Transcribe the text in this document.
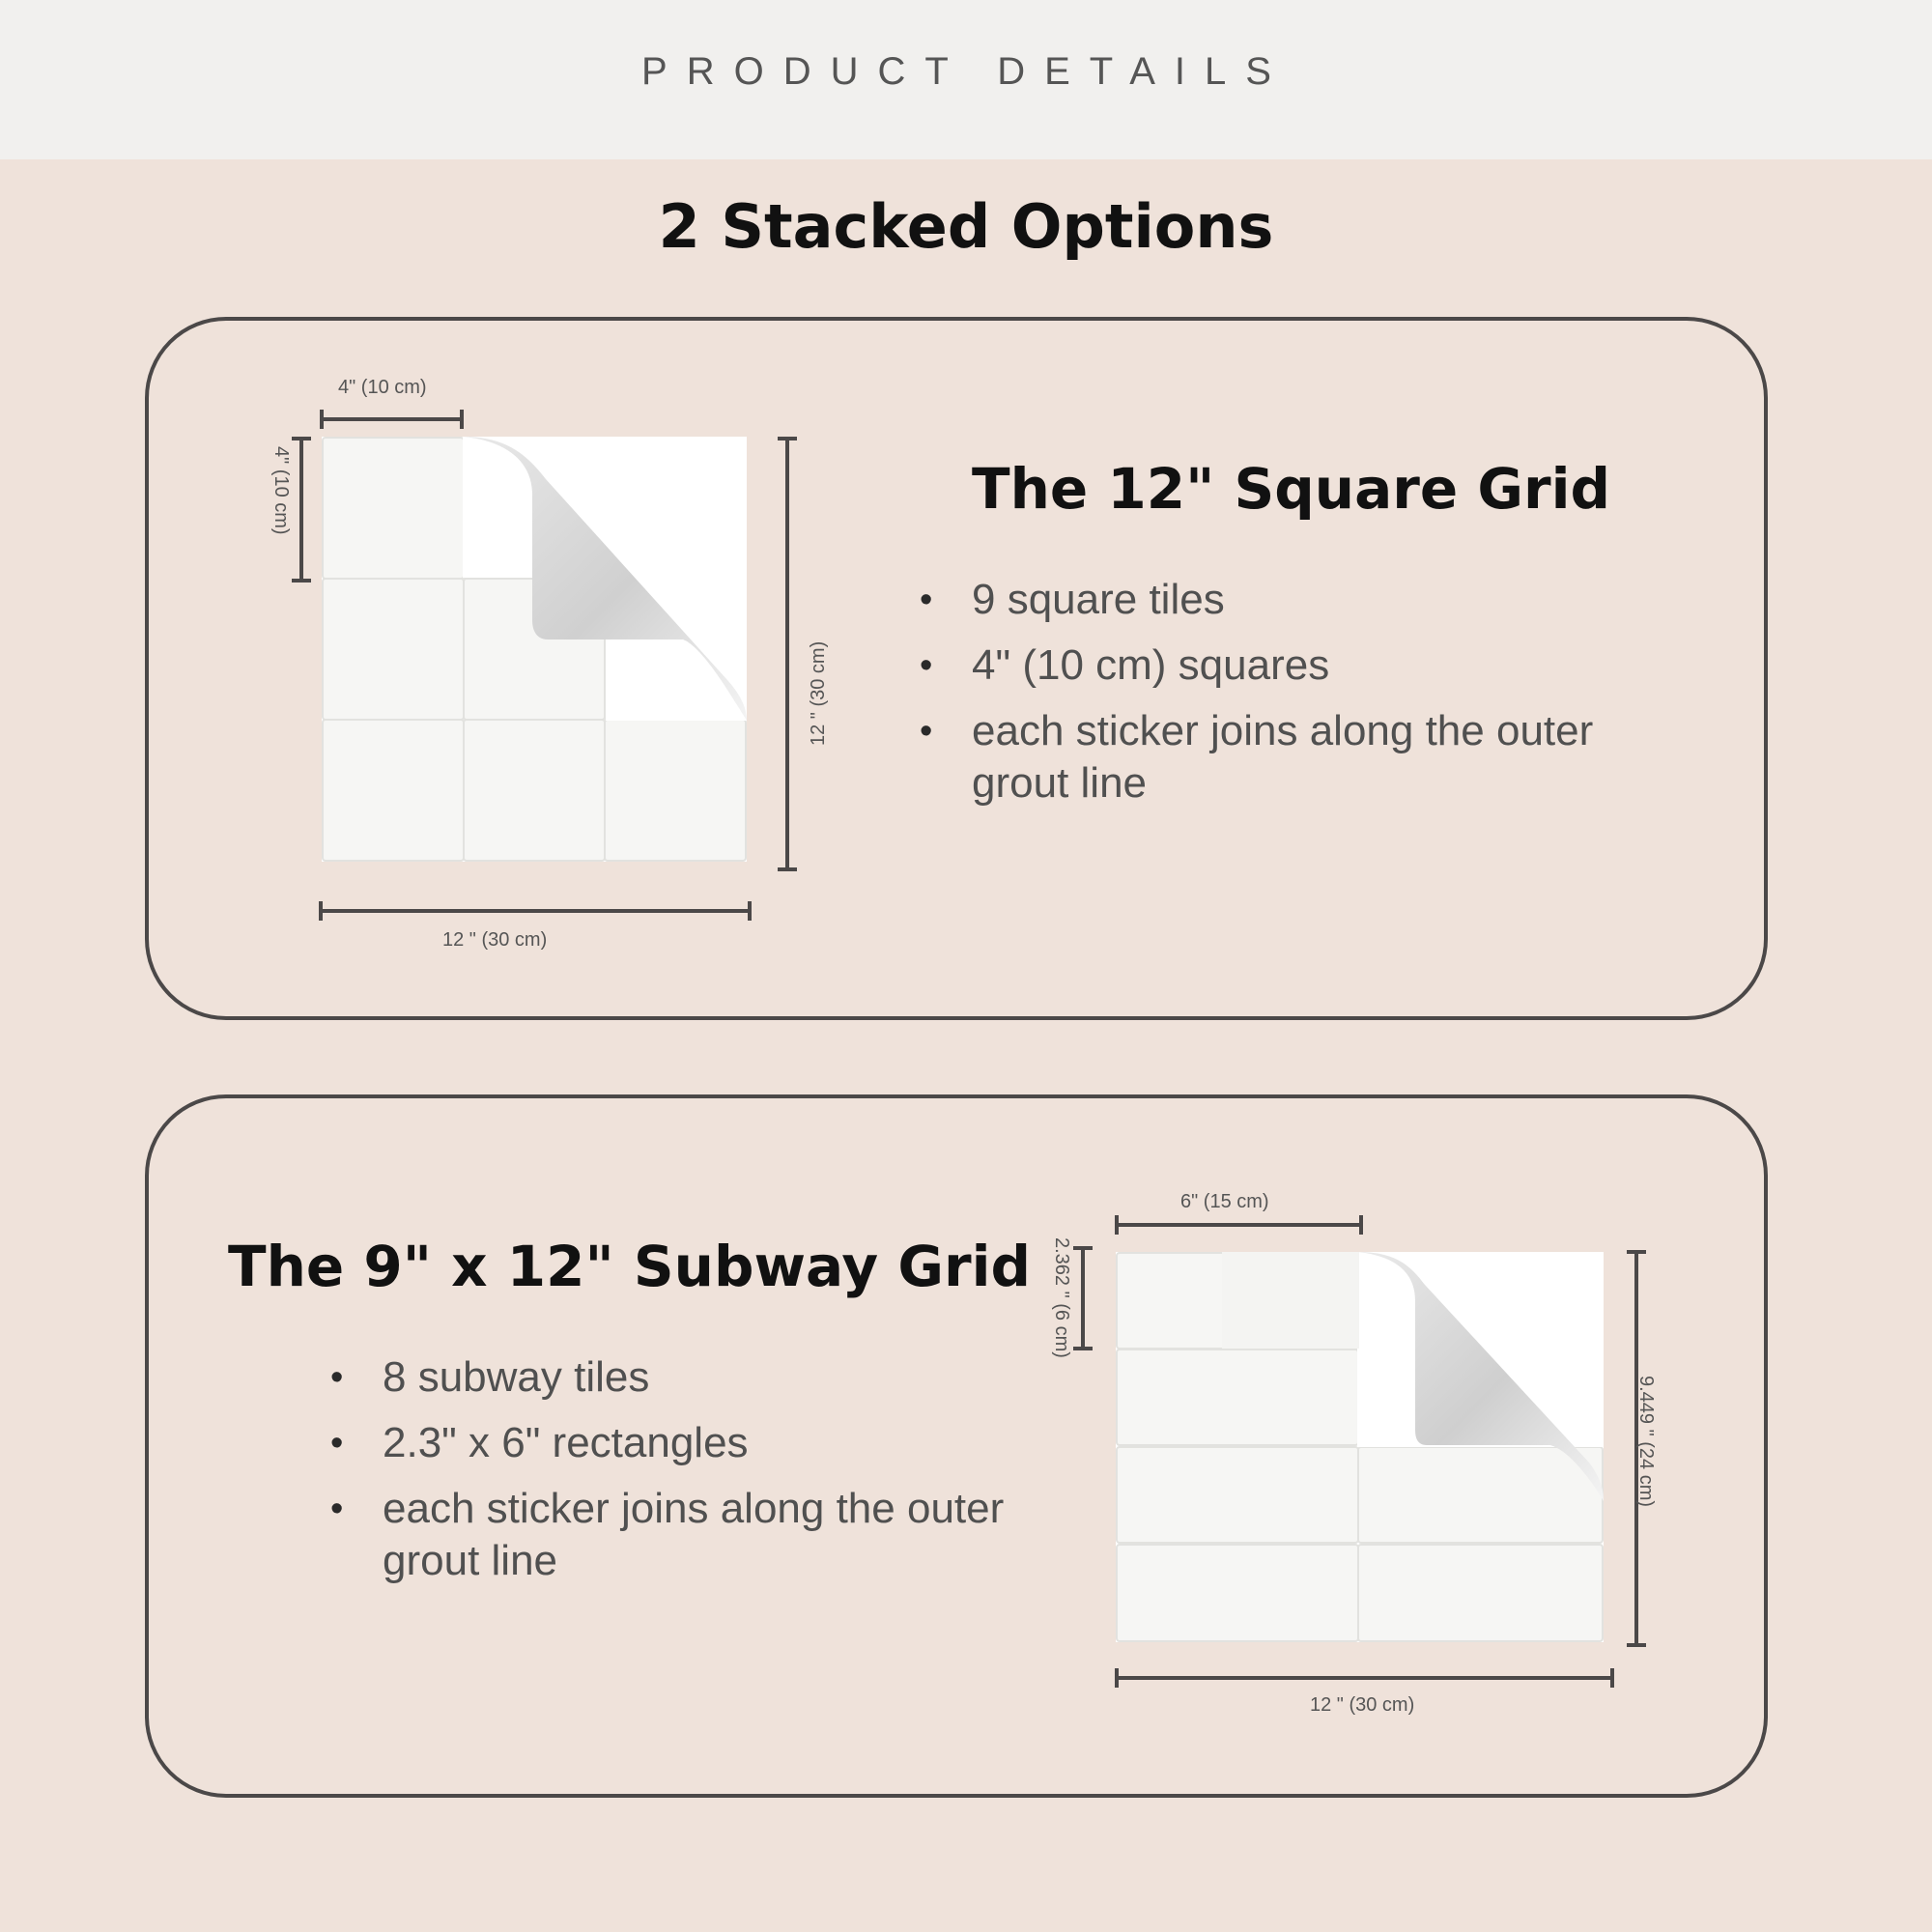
PRODUCT DETAILS
2 Stacked Options
The 12" Square Grid
• 9 square tiles
• 4" (10 cm) squares
• each sticker joins along the outer grout line
The 9" x 12" Subway Grid
• 8 subway tiles
• 2.3" x 6" rectangles
• each sticker joins along the outer grout line
4" (10 cm)
4" (10 cm)
12 " (30 cm)
12 " (30 cm)
6" (15 cm)
2.362 " (6 cm)
9.449 " (24 cm)
12 " (30 cm)
